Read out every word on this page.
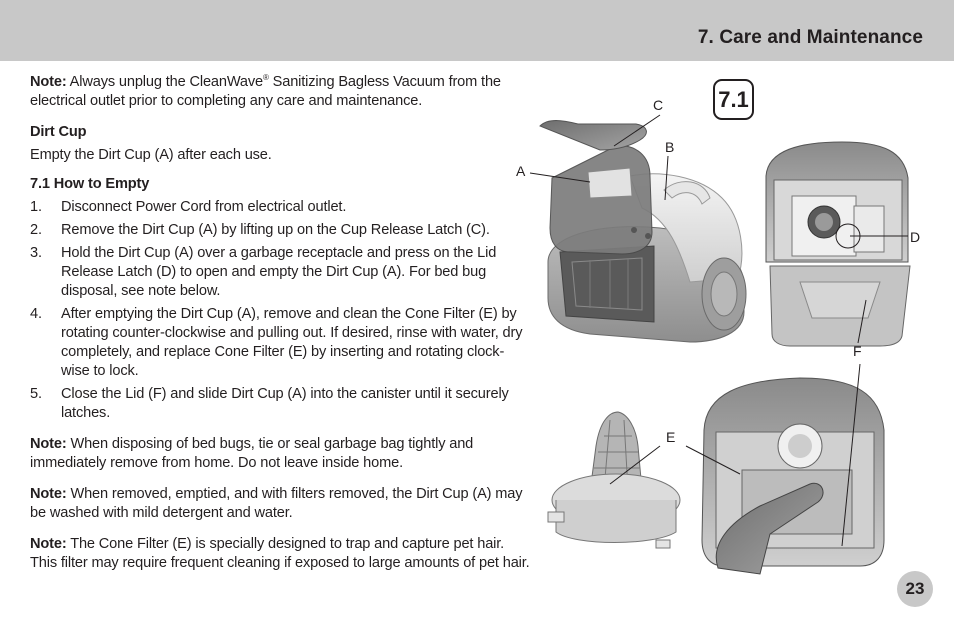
7. Care and Maintenance

Note: Always unplug the CleanWave® Sanitizing Bagless Vacuum from the electrical outlet prior to completing any care and maintenance.

Dirt Cup

Empty the Dirt Cup (A) after each use.

7.1 How to Empty

1. Disconnect Power Cord from electrical outlet.
2. Remove the Dirt Cup (A) by lifting up on the Cup Release Latch (C).
3. Hold the Dirt Cup (A) over a garbage receptacle and press on the Lid Release Latch (D) to open and empty the Dirt Cup (A). For bed bug disposal, see note below.
4. After emptying the Dirt Cup (A), remove and clean the Cone Filter (E) by rotating counter-clockwise and pulling out. If desired, rinse with water, dry completely, and replace Cone Filter (E) by inserting and rotating clock-wise to lock.
5. Close the Lid (F) and slide Dirt Cup (A) into the canister until it securely latches.

Note: When disposing of bed bugs, tie or seal garbage bag tightly and immediately remove from home. Do not leave inside home.

Note: When removed, emptied, and with filters removed, the Dirt Cup (A) may be washed with mild detergent and water.

Note: The Cone Filter (E) is specially designed to trap and capture pet hair. This filter may require frequent cleaning if exposed to large amounts of pet hair.

7.1
A
B
C
D
E
F
23
